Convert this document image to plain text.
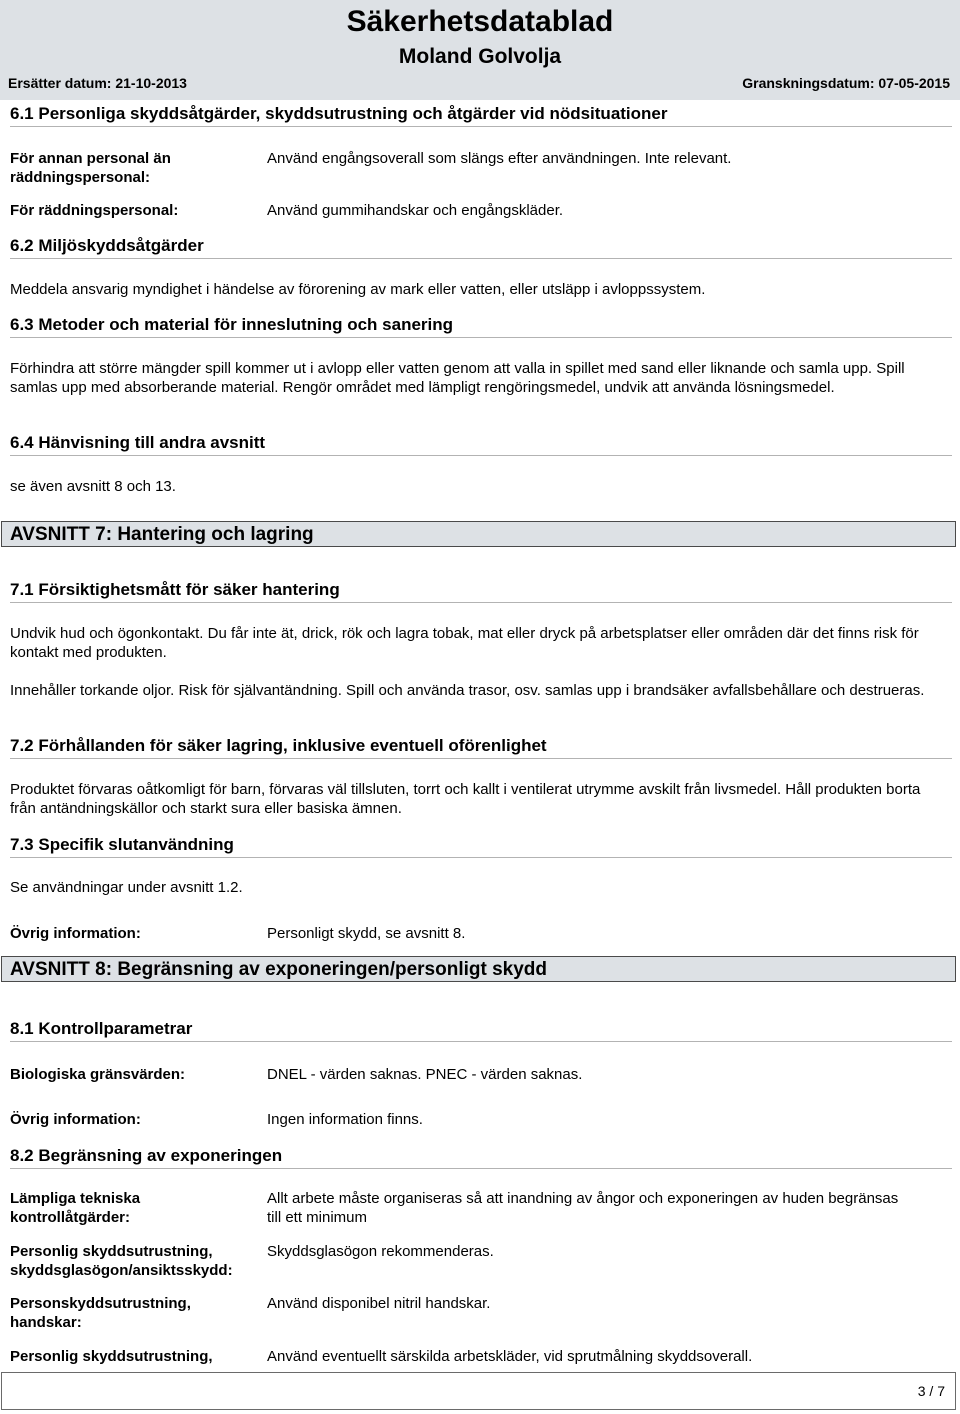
Säkerhetsdatablad
Moland Golvolja
Ersätter datum: 21-10-2013	Granskningsdatum: 07-05-2015
6.1 Personliga skyddsåtgärder, skyddsutrustning och åtgärder vid nödsituationer
För annan personal än räddningspersonal:
Använd engångsoverall som slängs efter användningen. Inte relevant.
För räddningspersonal:	Använd gummihandskar och engångskläder.
6.2 Miljöskyddsåtgärder
Meddela ansvarig myndighet i händelse av förorening av mark eller vatten, eller utsläpp i avloppssystem.
6.3 Metoder och material för inneslutning och sanering
Förhindra att större mängder spill kommer ut i avlopp eller vatten genom att valla in spillet med sand eller liknande och samla upp. Spill samlas upp med absorberande material. Rengör området med lämpligt rengöringsmedel, undvik att använda lösningsmedel.
6.4 Hänvisning till andra avsnitt
se även avsnitt 8 och 13.
AVSNITT 7: Hantering och lagring
7.1 Försiktighetsmått för säker hantering
Undvik hud och ögonkontakt. Du får inte ät, drick, rök och lagra tobak, mat eller dryck på arbetsplatser eller områden där det finns risk för kontakt med produkten.
Innehåller torkande oljor. Risk för självantändning. Spill och använda trasor, osv. samlas upp i brandsäker avfallsbehållare och destrueras.
7.2 Förhållanden för säker lagring, inklusive eventuell oförenlighet
Produktet förvaras oåtkomligt för barn, förvaras väl tillsluten, torrt och kallt i ventilerat utrymme avskilt från livsmedel. Håll produkten borta från antändningskällor och starkt sura eller basiska ämnen.
7.3 Specifik slutanvändning
Se användningar under avsnitt 1.2.
Övrig information:	Personligt skydd, se avsnitt 8.
AVSNITT 8: Begränsning av exponeringen/personligt skydd
8.1 Kontrollparametrar
Biologiska gränsvärden:	DNEL - värden saknas. PNEC - värden saknas.
Övrig information:	Ingen information finns.
8.2 Begränsning av exponeringen
Lämpliga tekniska kontrollåtgärder:
Allt arbete måste organiseras så att inandning av ångor och exponeringen av huden begränsas till ett minimum
Personlig skyddsutrustning, skyddsglasögon/ansiktsskydd:
Skyddsglasögon rekommenderas.
Personskyddsutrustning, handskar:
Använd disponibel nitril handskar.
Personlig skyddsutrustning,	Använd eventuellt särskilda arbetskläder, vid sprutmålning skyddsoverall.
3 / 7
